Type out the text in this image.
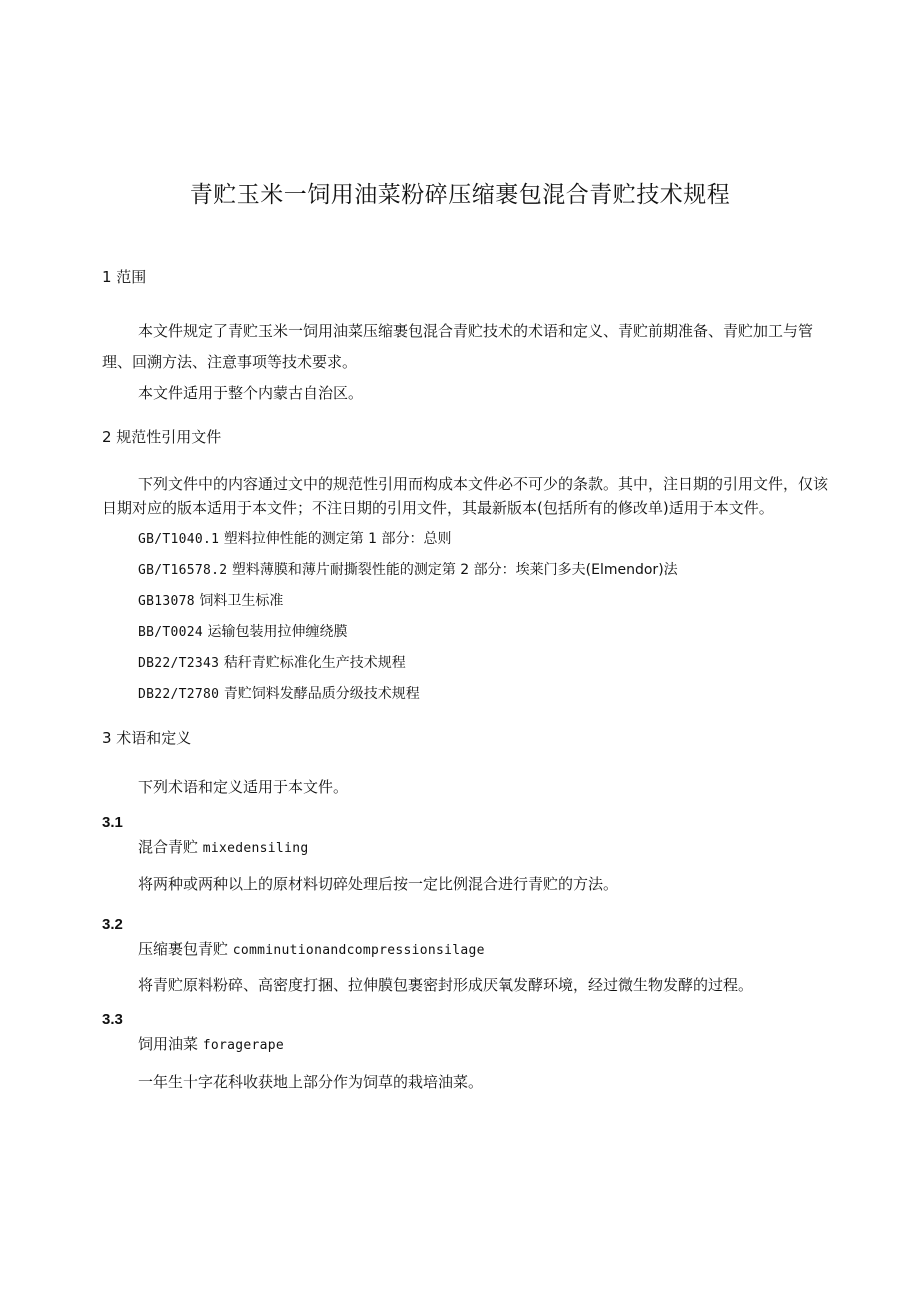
青贮玉米一饲用油菜粉碎压缩裹包混合青贮技术规程
1 范围
本文件规定了青贮玉米一饲用油菜压缩裹包混合青贮技术的术语和定义、青贮前期准备、青贮加工与管
理、回溯方法、注意事项等技术要求。
本文件适用于整个内蒙古自治区。
2 规范性引用文件
下列文件中的内容通过文中的规范性引用而构成本文件必不可少的条款。其中，注日期的引用文件，仅该
日期对应的版本适用于本文件；不注日期的引用文件，其最新版本(包括所有的修改单)适用于本文件。
GB/T1040.1 塑料拉伸性能的测定第 1 部分：总则
GB/T16578.2 塑料薄膜和薄片耐撕裂性能的测定第 2 部分：埃莱门多夫(Elmendor)法
GB13078 饲料卫生标准
BB/T0024 运输包装用拉伸缠绕膜
DB22/T2343 秸秆青贮标准化生产技术规程
DB22/T2780 青贮饲料发酵品质分级技术规程
3 术语和定义
下列术语和定义适用于本文件。
3.1
混合青贮 mixedensiling
将两种或两种以上的原材料切碎处理后按一定比例混合进行青贮的方法。
3.2
压缩裹包青贮 comminutionandcompressionsilage
将青贮原料粉碎、高密度打捆、拉伸膜包裹密封形成厌氧发酵环境，经过微生物发酵的过程。
3.3
饲用油菜 foragerape
一年生十字花科收获地上部分作为饲草的栽培油菜。
